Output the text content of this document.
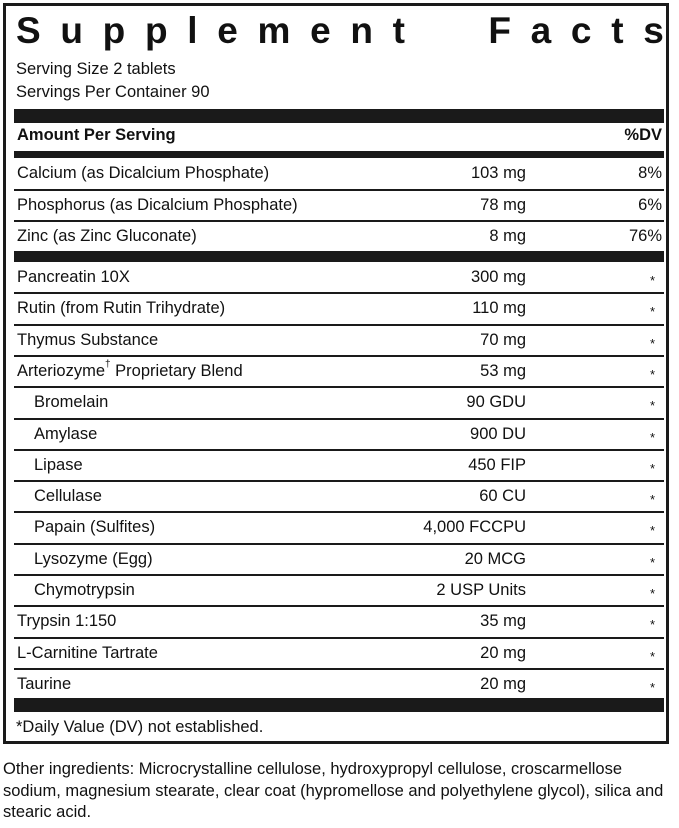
S u p p l e m e n t F a c t s
Serving Size 2 tablets
Servings Per Container 90
Amount Per Serving	%DV
Calcium (as Dicalcium Phosphate)	103 mg	8%
Phosphorus (as Dicalcium Phosphate)	78 mg	6%
Zinc (as Zinc Gluconate)	8 mg	76%
Pancreatin 10X	300 mg	*
Rutin (from Rutin Trihydrate)	110 mg	*
Thymus Substance	70 mg	*
Arteriozyme† Proprietary Blend	53 mg	*
Bromelain	90 GDU	*
Amylase	900 DU	*
Lipase	450 FIP	*
Cellulase	60 CU	*
Papain (Sulfites)	4,000 FCCPU	*
Lysozyme (Egg)	20 MCG	*
Chymotrypsin	2 USP Units	*
Trypsin 1:150	35 mg	*
L-Carnitine Tartrate	20 mg	*
Taurine	20 mg	*
*Daily Value (DV) not established.
Other ingredients: Microcrystalline cellulose, hydroxypropyl cellulose, croscarmellose sodium, magnesium stearate, clear coat (hypromellose and polyethylene glycol), silica and stearic acid.
